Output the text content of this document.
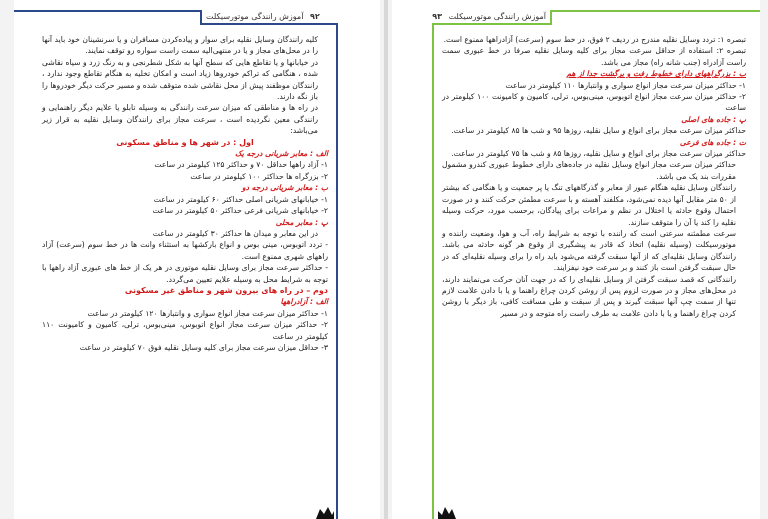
۹۲ آموزش رانندگی موتورسیکلت

کلیه رانندگان وسایل نقلیه برای سوار و پیاده‌کردن مسافران و یا سرنشینان خود باید آنها را در محل‌های مجاز و یا در منتهی‌الیه سمت راست سواره رو توقف نمایند.

در خیابانها و یا تقاطع هایی که سطح آنها به شکل شطرنجی و به رنگ زرد و سیاه نقاشی شده ، هنگامی که تراکم خودروها زیاد است و امکان تخلیه به هنگام تقاطع وجود ندارد ، رانندگان موظفند پیش از محل نقاشی شده متوقف شده و مسیر حرکت دیگر خودروها را باز نگه دارند.

در راه ها و مناطقی که میزان سرعت رانندگی به وسیله تابلو یا علایم دیگر راهنمایی و رانندگی معین نگردیده است ، سرعت مجاز برای رانندگان وسایل نقلیه به قرار زیر می‌باشد:

اول : در شهر ها و مناطق مسکونی

الف : معابر شریانی درجه یک

۱- آزاد راهها حداقل ۷۰ و حداکثر ۱۲۵ کیلومتر در ساعت

۲- بزرگراه ها حداکثر ۱۰۰ کیلومتر در ساعت

ب : معابر شریانی درجه دو

۱- خیابانهای شریانی اصلی حداکثر ۶۰ کیلومتر در ساعت

۲- خیابانهای شریانی فرعی حداکثر ۵۰ کیلومتر در ساعت

پ : معابر محلی

در این معابر و میدان ها حداکثر ۳۰ کیلومتر در ساعت

- تردد اتوبوس، مینی بوس و انواع بارکشها به استثناء وانت ها در خط سوم (سرعت) آزاد راههای شهری ممنوع است.

- حداکثر سرعت مجاز برای وسایل نقلیه موتوری در هر یک از خط های عبوری آزاد راهها با توجه به شرایط محل به وسیله علایم تعیین می‌گردد.

دوم – در راه های بیرون شهر و مناطق غیر مسکونی

الف : آزادراهها

۱- حداکثر میزان سرعت مجاز انواع سواری و وانتبارها ۱۲۰ کیلومتر در ساعت

۲- حداکثر میزان سرعت مجاز انواع اتوبوس، مینی‌بوس، ترلی، کامیون و کامیونت ۱۱۰ کیلومتر در ساعت

۳- حداقل میزان سرعت مجاز برای کلیه وسایل نقلیه فوق ۷۰ کیلومتر در ساعت

آموزش رانندگی موتورسیکلت ۹۳

تبصره ۱: تردد وسایل نقلیه مندرج در ردیف ۲ فوق، در خط سوم (سرعت) آزادراهها ممنوع است.

تبصره ۲: استفاده از حداقل سرعت مجاز برای کلیه وسایل نقلیه صرفا در خط عبوری سمت راست آزادراه (جنب شانه راه) مجاز می باشد.

ب : بزرگراههای دارای خطوط رفت و برگشت جدا از هم

۱- حداکثر میزان سرعت مجاز انواع سواری و وانتبارها ۱۱۰ کیلومتر در ساعت

۲- حداکثر میزان سرعت مجاز انواع اتوبوس، مینی‌بوس، ترلی، کامیون و کامیونت ۱۰۰ کیلومتر در ساعت

پ : جاده های اصلی

حداکثر میزان سرعت مجاز برای انواع و سایل نقلیه، روزها ۹۵ و شب ها ۸۵ کیلومتر در ساعت.

ت : جاده های فرعی

حداکثر میزان سرعت مجاز برای انواع و سایل نقلیه، روزها ۸۵ و شب ها ۷۵ کیلومتر در ساعت.

حداکثر میزان سرعت مجاز انواع وسایل نقلیه در جاده‌های دارای خطوط عبوری کندرو مشمول مقررات بند یک می باشد.

رانندگان وسایل نقلیه هنگام عبور از معابر و گذرگاههای تنگ یا پر جمعیت و یا هنگامی که بیشتر از ۵۰ متر مقابل آنها دیده نمی‌شود، مکلفند آهسته و با سرعت مطمئن حرکت کنند و در صورت احتمال وقوع حادثه یا اختلال در نظم و مراعات برای پیادگان، برحسب مورد، حرکت وسیله نقلیه را کند یا آن را متوقف سازند.

سرعت مطمئنه سرعتی است که راننده با توجه به شرایط راه، آب و هوا، وضعیت راننده و موتورسیکلت (وسیله نقلیه) اتخاذ که قادر به پیشگیری از وقوع هر گونه حادثه می باشد. رانندگان وسایل نقلیه‌ای که از آنها سبقت گرفته می‌شود باید راه را برای وسیله نقلیه‌ای که در حال سبقت گرفتن است باز کنند و بر سرعت خود نیفزایند.

رانندگانی که قصد سبقت گرفتن از وسایل نقلیه‌ای را که در جهت آنان حرکت می‌نمایند دارند، در محل‌های مجاز و در صورت لزوم پس از روشن کردن چراغ راهنما و یا با دادن علامت لازم تنها از سمت چپ آنها سبقت گیرند و پس از سبقت و طی مسافت کافی، باز دیگر با روشن کردن چراغ راهنما و یا با دادن علامت به طرف راست راه متوجه و در مسیر
